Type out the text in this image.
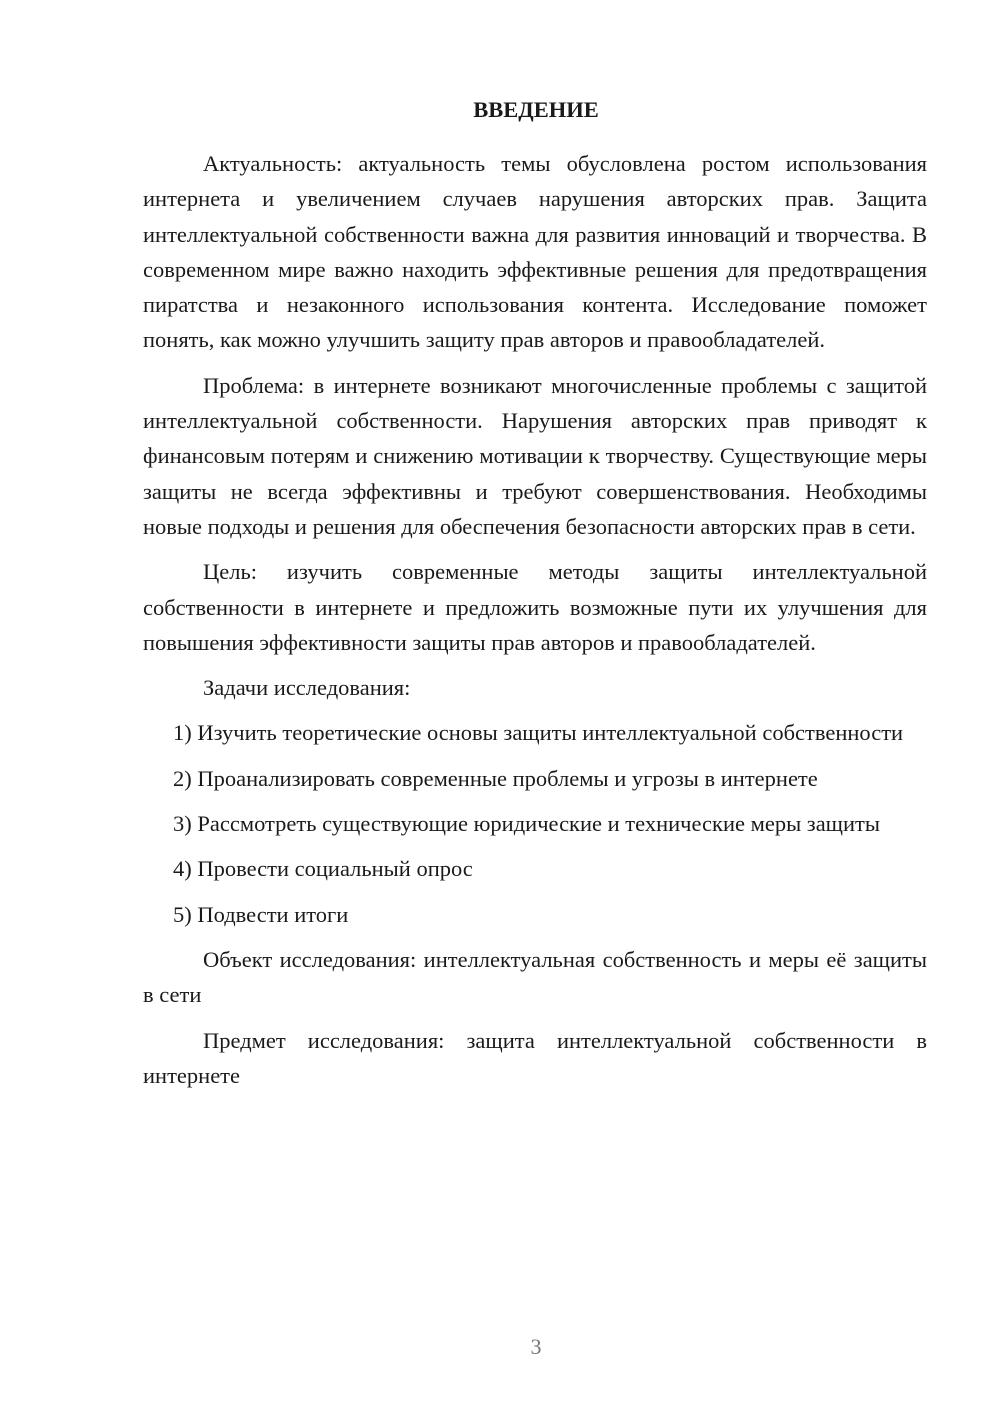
ВВЕДЕНИЕ

Актуальность: актуальность темы обусловлена ростом использования интернета и увеличением случаев нарушения авторских прав. Защита интеллектуальной собственности важна для развития инноваций и творчества. В современном мире важно находить эффективные решения для предотвращения пиратства и незаконного использования контента. Исследование поможет понять, как можно улучшить защиту прав авторов и правообладателей.

Проблема: в интернете возникают многочисленные проблемы с защитой интеллектуальной собственности. Нарушения авторских прав приводят к финансовым потерям и снижению мотивации к творчеству. Существующие меры защиты не всегда эффективны и требуют совершенствования. Необходимы новые подходы и решения для обеспечения безопасности авторских прав в сети.

Цель: изучить современные методы защиты интеллектуальной собственности в интернете и предложить возможные пути их улучшения для повышения эффективности защиты прав авторов и правообладателей.

Задачи исследования:

1) Изучить теоретические основы защиты интеллектуальной собственности

2) Проанализировать современные проблемы и угрозы в интернете

3) Рассмотреть существующие юридические и технические меры защиты

4) Провести социальный опрос

5) Подвести итоги

Объект исследования: интеллектуальная собственность и меры её защиты в сети

Предмет исследования: защита интеллектуальной собственности в интернете

3
